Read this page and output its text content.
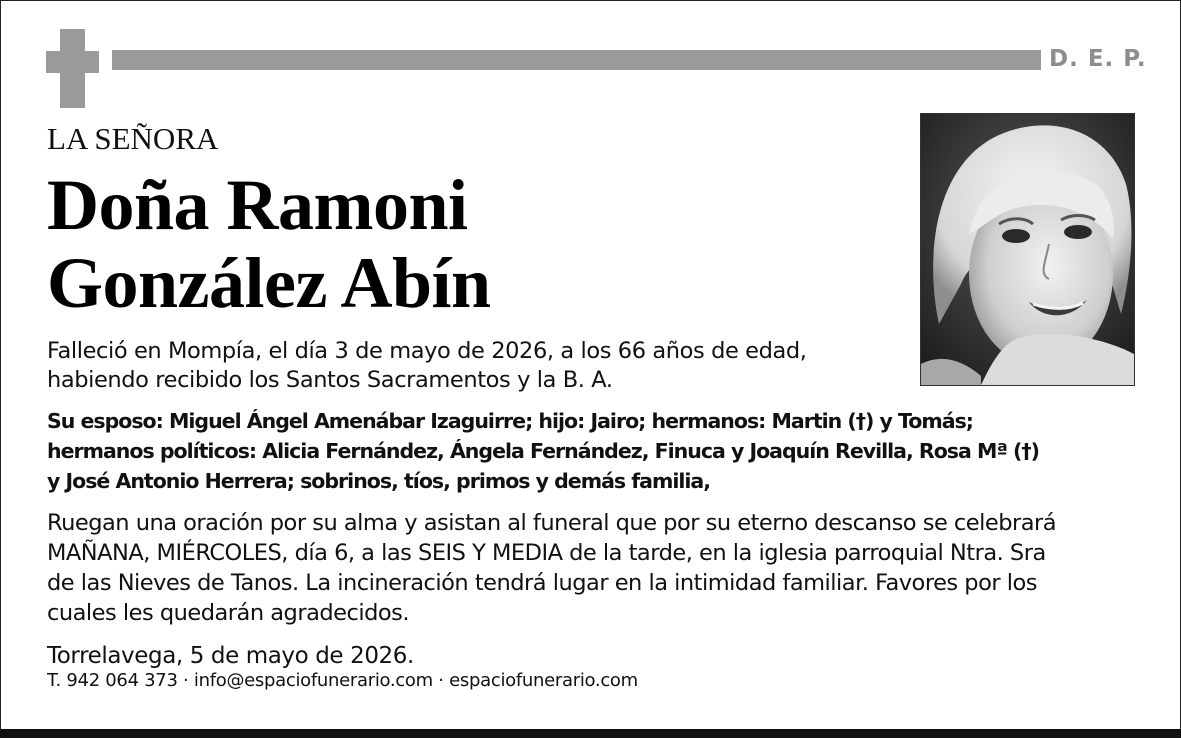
D. E. P.
LA SEÑORA
Doña Ramoni
González Abín
Falleció en Mompía, el día 3 de mayo de 2026, a los 66 años de edad,
habiendo recibido los Santos Sacramentos y la B. A.
Su esposo: Miguel Ángel Amenábar Izaguirre; hijo: Jairo; hermanos: Martin (†) y Tomás;
hermanos políticos: Alicia Fernández, Ángela Fernández, Finuca y Joaquín Revilla, Rosa Mª (†)
y José Antonio Herrera; sobrinos, tíos, primos y demás familia,
Ruegan una oración por su alma y asistan al funeral que por su eterno descanso se celebrará
MAÑANA, MIÉRCOLES, día 6, a las SEIS Y MEDIA de la tarde, en la iglesia parroquial Ntra. Sra
de las Nieves de Tanos. La incineración tendrá lugar en la intimidad familiar. Favores por los
cuales les quedarán agradecidos.
Torrelavega, 5 de mayo de 2026.
T. 942 064 373 · info@espaciofunerario.com · espaciofunerario.com
